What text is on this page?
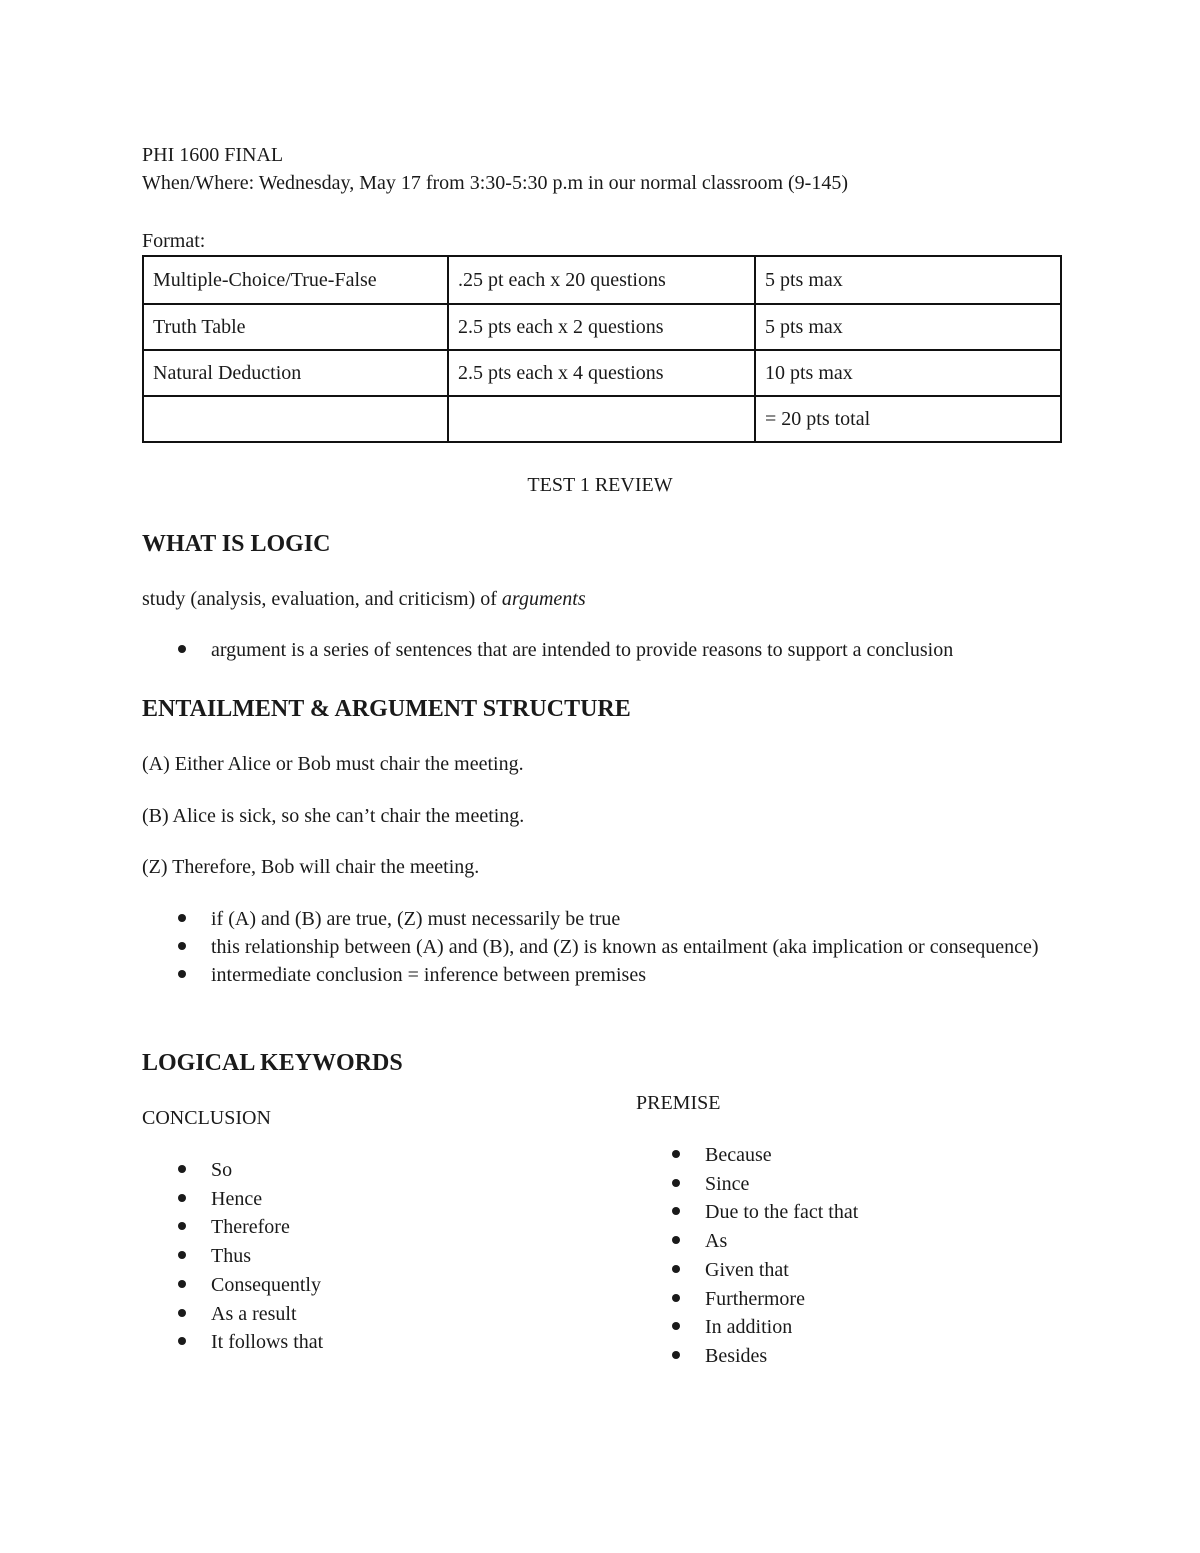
PHI 1600 FINAL
When/Where: Wednesday, May 17 from 3:30-5:30 p.m in our normal classroom (9-145)
Format:
Multiple-Choice/True-False	.25 pt each x 20 questions	5 pts max
Truth Table	2.5 pts each x 2 questions	5 pts max
Natural Deduction	2.5 pts each x 4 questions	10 pts max
		= 20 pts total
TEST 1 REVIEW
WHAT IS LOGIC
study (analysis, evaluation, and criticism) of arguments
argument is a series of sentences that are intended to provide reasons to support a conclusion
ENTAILMENT & ARGUMENT STRUCTURE
(A) Either Alice or Bob must chair the meeting.
(B) Alice is sick, so she can’t chair the meeting.
(Z) Therefore, Bob will chair the meeting.
if (A) and (B) are true, (Z) must necessarily be true
this relationship between (A) and (B), and (Z) is known as entailment (aka implication or consequence)
intermediate conclusion = inference between premises
LOGICAL KEYWORDS
CONCLUSION
So
Hence
Therefore
Thus
Consequently
As a result
It follows that
PREMISE
Because
Since
Due to the fact that
As
Given that
Furthermore
In addition
Besides
